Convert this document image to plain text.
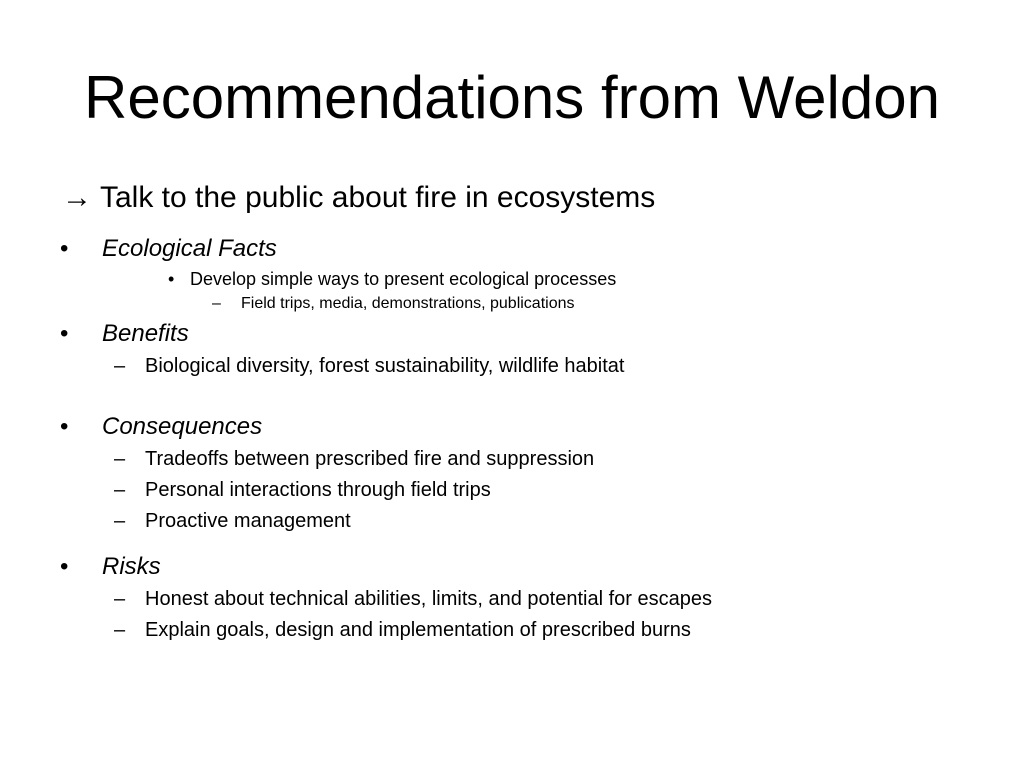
Recommendations from Weldon
→ Talk to the public about fire in ecosystems
• Ecological Facts
• Develop simple ways to present ecological processes
– Field trips, media, demonstrations, publications
• Benefits
– Biological diversity, forest sustainability, wildlife habitat
• Consequences
– Tradeoffs between prescribed fire and suppression
– Personal interactions through field trips
– Proactive management
• Risks
– Honest about technical abilities, limits, and potential for escapes
– Explain goals, design and implementation of prescribed burns
